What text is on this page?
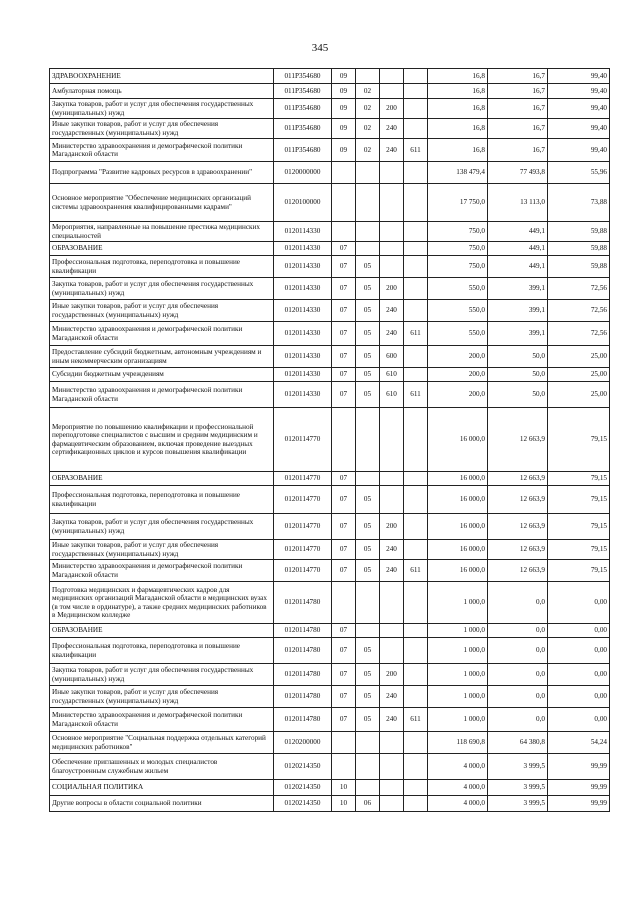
345
ЗДРАВООХРАНЕНИЕ	011Р354680	09				16,8	16,7	99,40
Амбулаторная помощь	011Р354680	09	02			16,8	16,7	99,40
Закупка товаров, работ и услуг для обеспечения государственных (муниципальных) нужд	011Р354680	09	02	200		16,8	16,7	99,40
Иные закупки товаров, работ и услуг для обеспечения государственных (муниципальных) нужд	011Р354680	09	02	240		16,8	16,7	99,40
Министерство здравоохранения и демографической политики Магаданской области	011Р354680	09	02	240	611	16,8	16,7	99,40
Подпрограмма "Развитие кадровых ресурсов в здравоохранении"	0120000000					138 479,4	77 493,8	55,96
Основное мероприятие "Обеспечение медицинских организаций системы здравоохранения квалифицированными кадрами"	0120100000					17 750,0	13 113,0	73,88
Мероприятия, направленные на повышение престижа медицинских специальностей	0120114330					750,0	449,1	59,88
ОБРАЗОВАНИЕ	0120114330	07				750,0	449,1	59,88
Профессиональная подготовка, переподготовка и повышение квалификации	0120114330	07	05			750,0	449,1	59,88
Закупка товаров, работ и услуг для обеспечения государственных (муниципальных) нужд	0120114330	07	05	200		550,0	399,1	72,56
Иные закупки товаров, работ и услуг для обеспечения государственных (муниципальных) нужд	0120114330	07	05	240		550,0	399,1	72,56
Министерство здравоохранения и демографической политики Магаданской области	0120114330	07	05	240	611	550,0	399,1	72,56
Предоставление субсидий бюджетным, автономным учреждениям и иным некоммерческим организациям	0120114330	07	05	600		200,0	50,0	25,00
Субсидии бюджетным учреждениям	0120114330	07	05	610		200,0	50,0	25,00
Министерство здравоохранения и демографической политики Магаданской области	0120114330	07	05	610	611	200,0	50,0	25,00
Мероприятие по повышению квалификации и профессиональной переподготовке специалистов с высшим и средним медицинским и фармацевтическим образованием, включая проведение выездных сертификационных циклов и курсов повышения квалификации	0120114770					16 000,0	12 663,9	79,15
ОБРАЗОВАНИЕ	0120114770	07				16 000,0	12 663,9	79,15
Профессиональная подготовка, переподготовка и повышение квалификации	0120114770	07	05			16 000,0	12 663,9	79,15
Закупка товаров, работ и услуг для обеспечения государственных (муниципальных) нужд	0120114770	07	05	200		16 000,0	12 663,9	79,15
Иные закупки товаров, работ и услуг для обеспечения государственных (муниципальных) нужд	0120114770	07	05	240		16 000,0	12 663,9	79,15
Министерство здравоохранения и демографической политики Магаданской области	0120114770	07	05	240	611	16 000,0	12 663,9	79,15
Подготовка медицинских и фармацевтических кадров для медицинских организаций Магаданской области в медицинских вузах (в том числе в ординатуре), а также средних медицинских работников в Медицинском колледже	0120114780					1 000,0	0,0	0,00
ОБРАЗОВАНИЕ	0120114780	07				1 000,0	0,0	0,00
Профессиональная подготовка, переподготовка и повышение квалификации	0120114780	07	05			1 000,0	0,0	0,00
Закупка товаров, работ и услуг для обеспечения государственных (муниципальных) нужд	0120114780	07	05	200		1 000,0	0,0	0,00
Иные закупки товаров, работ и услуг для обеспечения государственных (муниципальных) нужд	0120114780	07	05	240		1 000,0	0,0	0,00
Министерство здравоохранения и демографической политики Магаданской области	0120114780	07	05	240	611	1 000,0	0,0	0,00
Основное мероприятие "Социальная поддержка отдельных категорий медицинских работников"	0120200000					118 690,8	64 380,8	54,24
Обеспечение приглашенных и молодых специалистов благоустроенным служебным жильем	0120214350					4 000,0	3 999,5	99,99
СОЦИАЛЬНАЯ ПОЛИТИКА	0120214350	10				4 000,0	3 999,5	99,99
Другие вопросы в области социальной политики	0120214350	10	06			4 000,0	3 999,5	99,99
